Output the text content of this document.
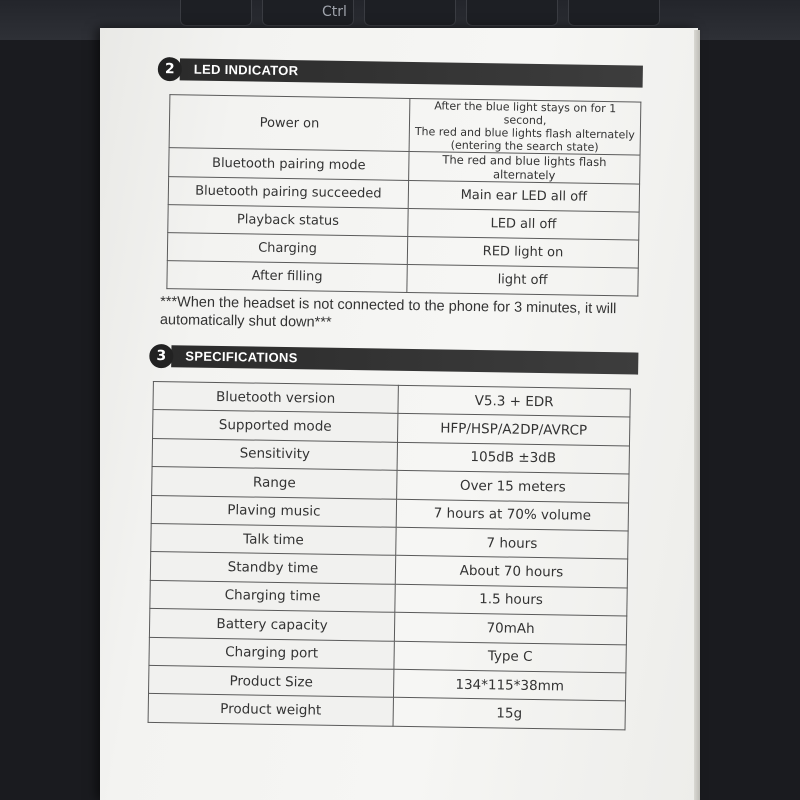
Ctrl
2	LED INDICATOR
Power on	After the blue light stays on for 1 second,
The red and blue lights flash alternately
(entering the search state)
Bluetooth pairing mode	The red and blue lights flash alternately
Bluetooth pairing succeeded	Main ear LED all off
Playback status	LED all off
Charging	RED light on
After filling	light off

***When the headset is not connected to the phone for 3 minutes, it will automatically shut down***

3	SPECIFICATIONS
Bluetooth version	V5.3 + EDR
Supported mode	HFP/HSP/A2DP/AVRCP
Sensitivity	105dB ±3dB
Range	Over 15 meters
Plaving music	7 hours at 70% volume
Talk time	7 hours
Standby time	About 70 hours
Charging time	1.5 hours
Battery capacity	70mAh
Charging port	Type C
Product Size	134*115*38mm
Product weight	15g
